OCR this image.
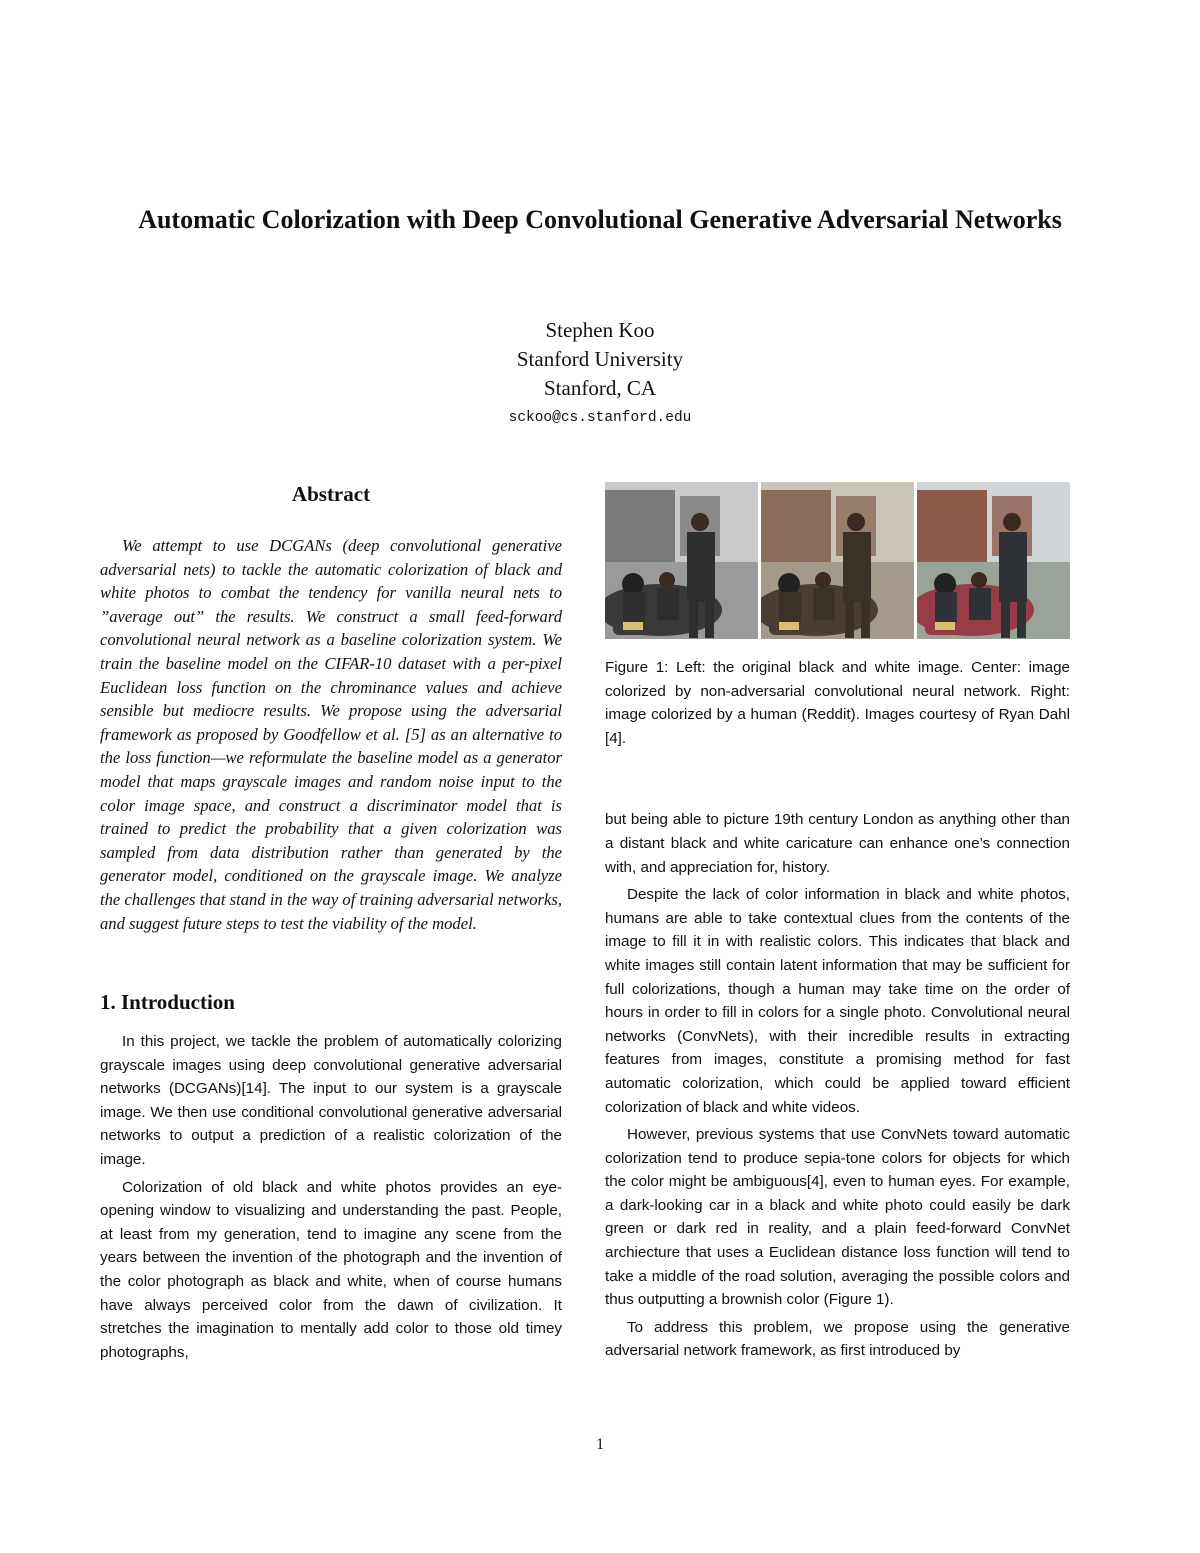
Automatic Colorization with Deep Convolutional Generative Adversarial Networks
Stephen Koo
Stanford University
Stanford, CA
sckoo@cs.stanford.edu
Abstract

We attempt to use DCGANs (deep convolutional generative adversarial nets) to tackle the automatic colorization of black and white photos to combat the tendency for vanilla neural nets to ”average out” the results. We construct a small feed-forward convolutional neural network as a baseline colorization system. We train the baseline model on the CIFAR-10 dataset with a per-pixel Euclidean loss function on the chrominance values and achieve sensible but mediocre results. We propose using the adversarial framework as proposed by Goodfellow et al. [5] as an alternative to the loss function—we reformulate the baseline model as a generator model that maps grayscale images and random noise input to the color image space, and construct a discriminator model that is trained to predict the probability that a given colorization was sampled from data distribution rather than generated by the generator model, conditioned on the grayscale image. We analyze the challenges that stand in the way of training adversarial networks, and suggest future steps to test the viability of the model.

1. Introduction

In this project, we tackle the problem of automatically colorizing grayscale images using deep convolutional generative adversarial networks (DCGANs)[14]. The input to our system is a grayscale image. We then use conditional convolutional generative adversarial networks to output a prediction of a realistic colorization of the image.

Colorization of old black and white photos provides an eye-opening window to visualizing and understanding the past. People, at least from my generation, tend to imagine any scene from the years between the invention of the photograph and the invention of the color photograph as black and white, when of course humans have always perceived color from the dawn of civilization. It stretches the imagination to mentally add color to those old timey photographs,

Figure 1: Left: the original black and white image. Center: image colorized by non-adversarial convolutional neural network. Right: image colorized by a human (Reddit). Images courtesy of Ryan Dahl [4].

but being able to picture 19th century London as anything other than a distant black and white caricature can enhance one’s connection with, and appreciation for, history.

Despite the lack of color information in black and white photos, humans are able to take contextual clues from the contents of the image to fill it in with realistic colors. This indicates that black and white images still contain latent information that may be sufficient for full colorizations, though a human may take time on the order of hours in order to fill in colors for a single photo. Convolutional neural networks (ConvNets), with their incredible results in extracting features from images, constitute a promising method for fast automatic colorization, which could be applied toward efficient colorization of black and white videos.

However, previous systems that use ConvNets toward automatic colorization tend to produce sepia-tone colors for objects for which the color might be ambiguous[4], even to human eyes. For example, a dark-looking car in a black and white photo could easily be dark green or dark red in reality, and a plain feed-forward ConvNet archiecture that uses a Euclidean distance loss function will tend to take a middle of the road solution, averaging the possible colors and thus outputting a brownish color (Figure 1).

To address this problem, we propose using the generative adversarial network framework, as first introduced by

1
